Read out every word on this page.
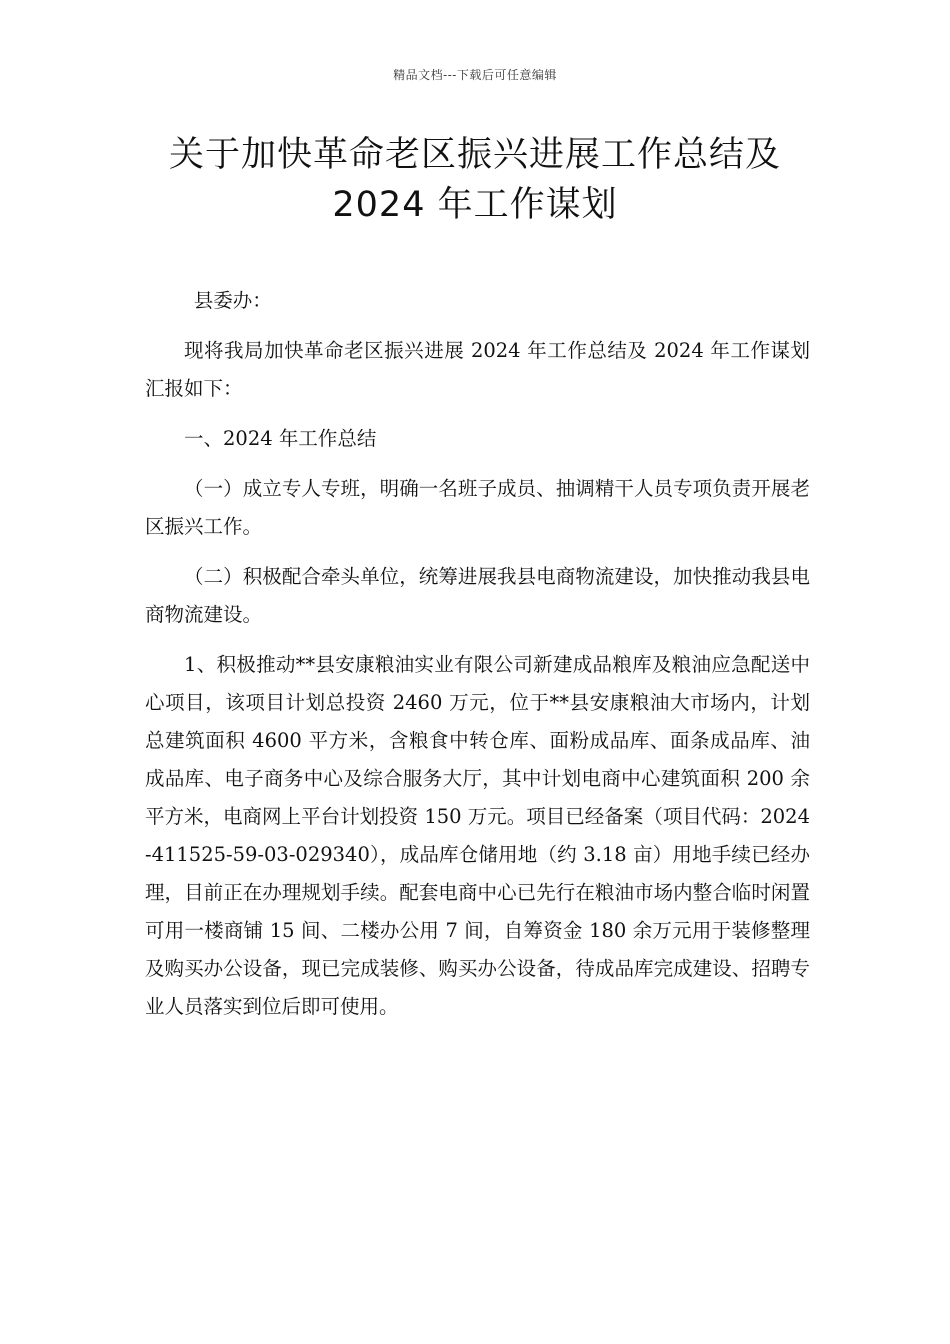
精品文档---下载后可任意编辑
关于加快革命老区振兴进展工作总结及
2024 年工作谋划

县委办：

现将我局加快革命老区振兴进展 2024 年工作总结及 2024 年工作谋划汇报如下：

一、2024 年工作总结

（一）成立专人专班，明确一名班子成员、抽调精干人员专项负责开展老区振兴工作。

（二）积极配合牵头单位，统筹进展我县电商物流建设，加快推动我县电商物流建设。

1、积极推动**县安康粮油实业有限公司新建成品粮库及粮油应急配送中心项目，该项目计划总投资 2460 万元，位于**县安康粮油大市场内，计划总建筑面积 4600 平方米，含粮食中转仓库、面粉成品库、面条成品库、油成品库、电子商务中心及综合服务大厅，其中计划电商中心建筑面积 200 余平方米，电商网上平台计划投资 150 万元。项目已经备案（项目代码：2024-411525-59-03-029340），成品库仓储用地（约 3.18 亩）用地手续已经办理，目前正在办理规划手续。配套电商中心已先行在粮油市场内整合临时闲置可用一楼商铺 15 间、二楼办公用 7 间，自筹资金 180 余万元用于装修整理及购买办公设备，现已完成装修、购买办公设备，待成品库完成建设、招聘专业人员落实到位后即可使用。
